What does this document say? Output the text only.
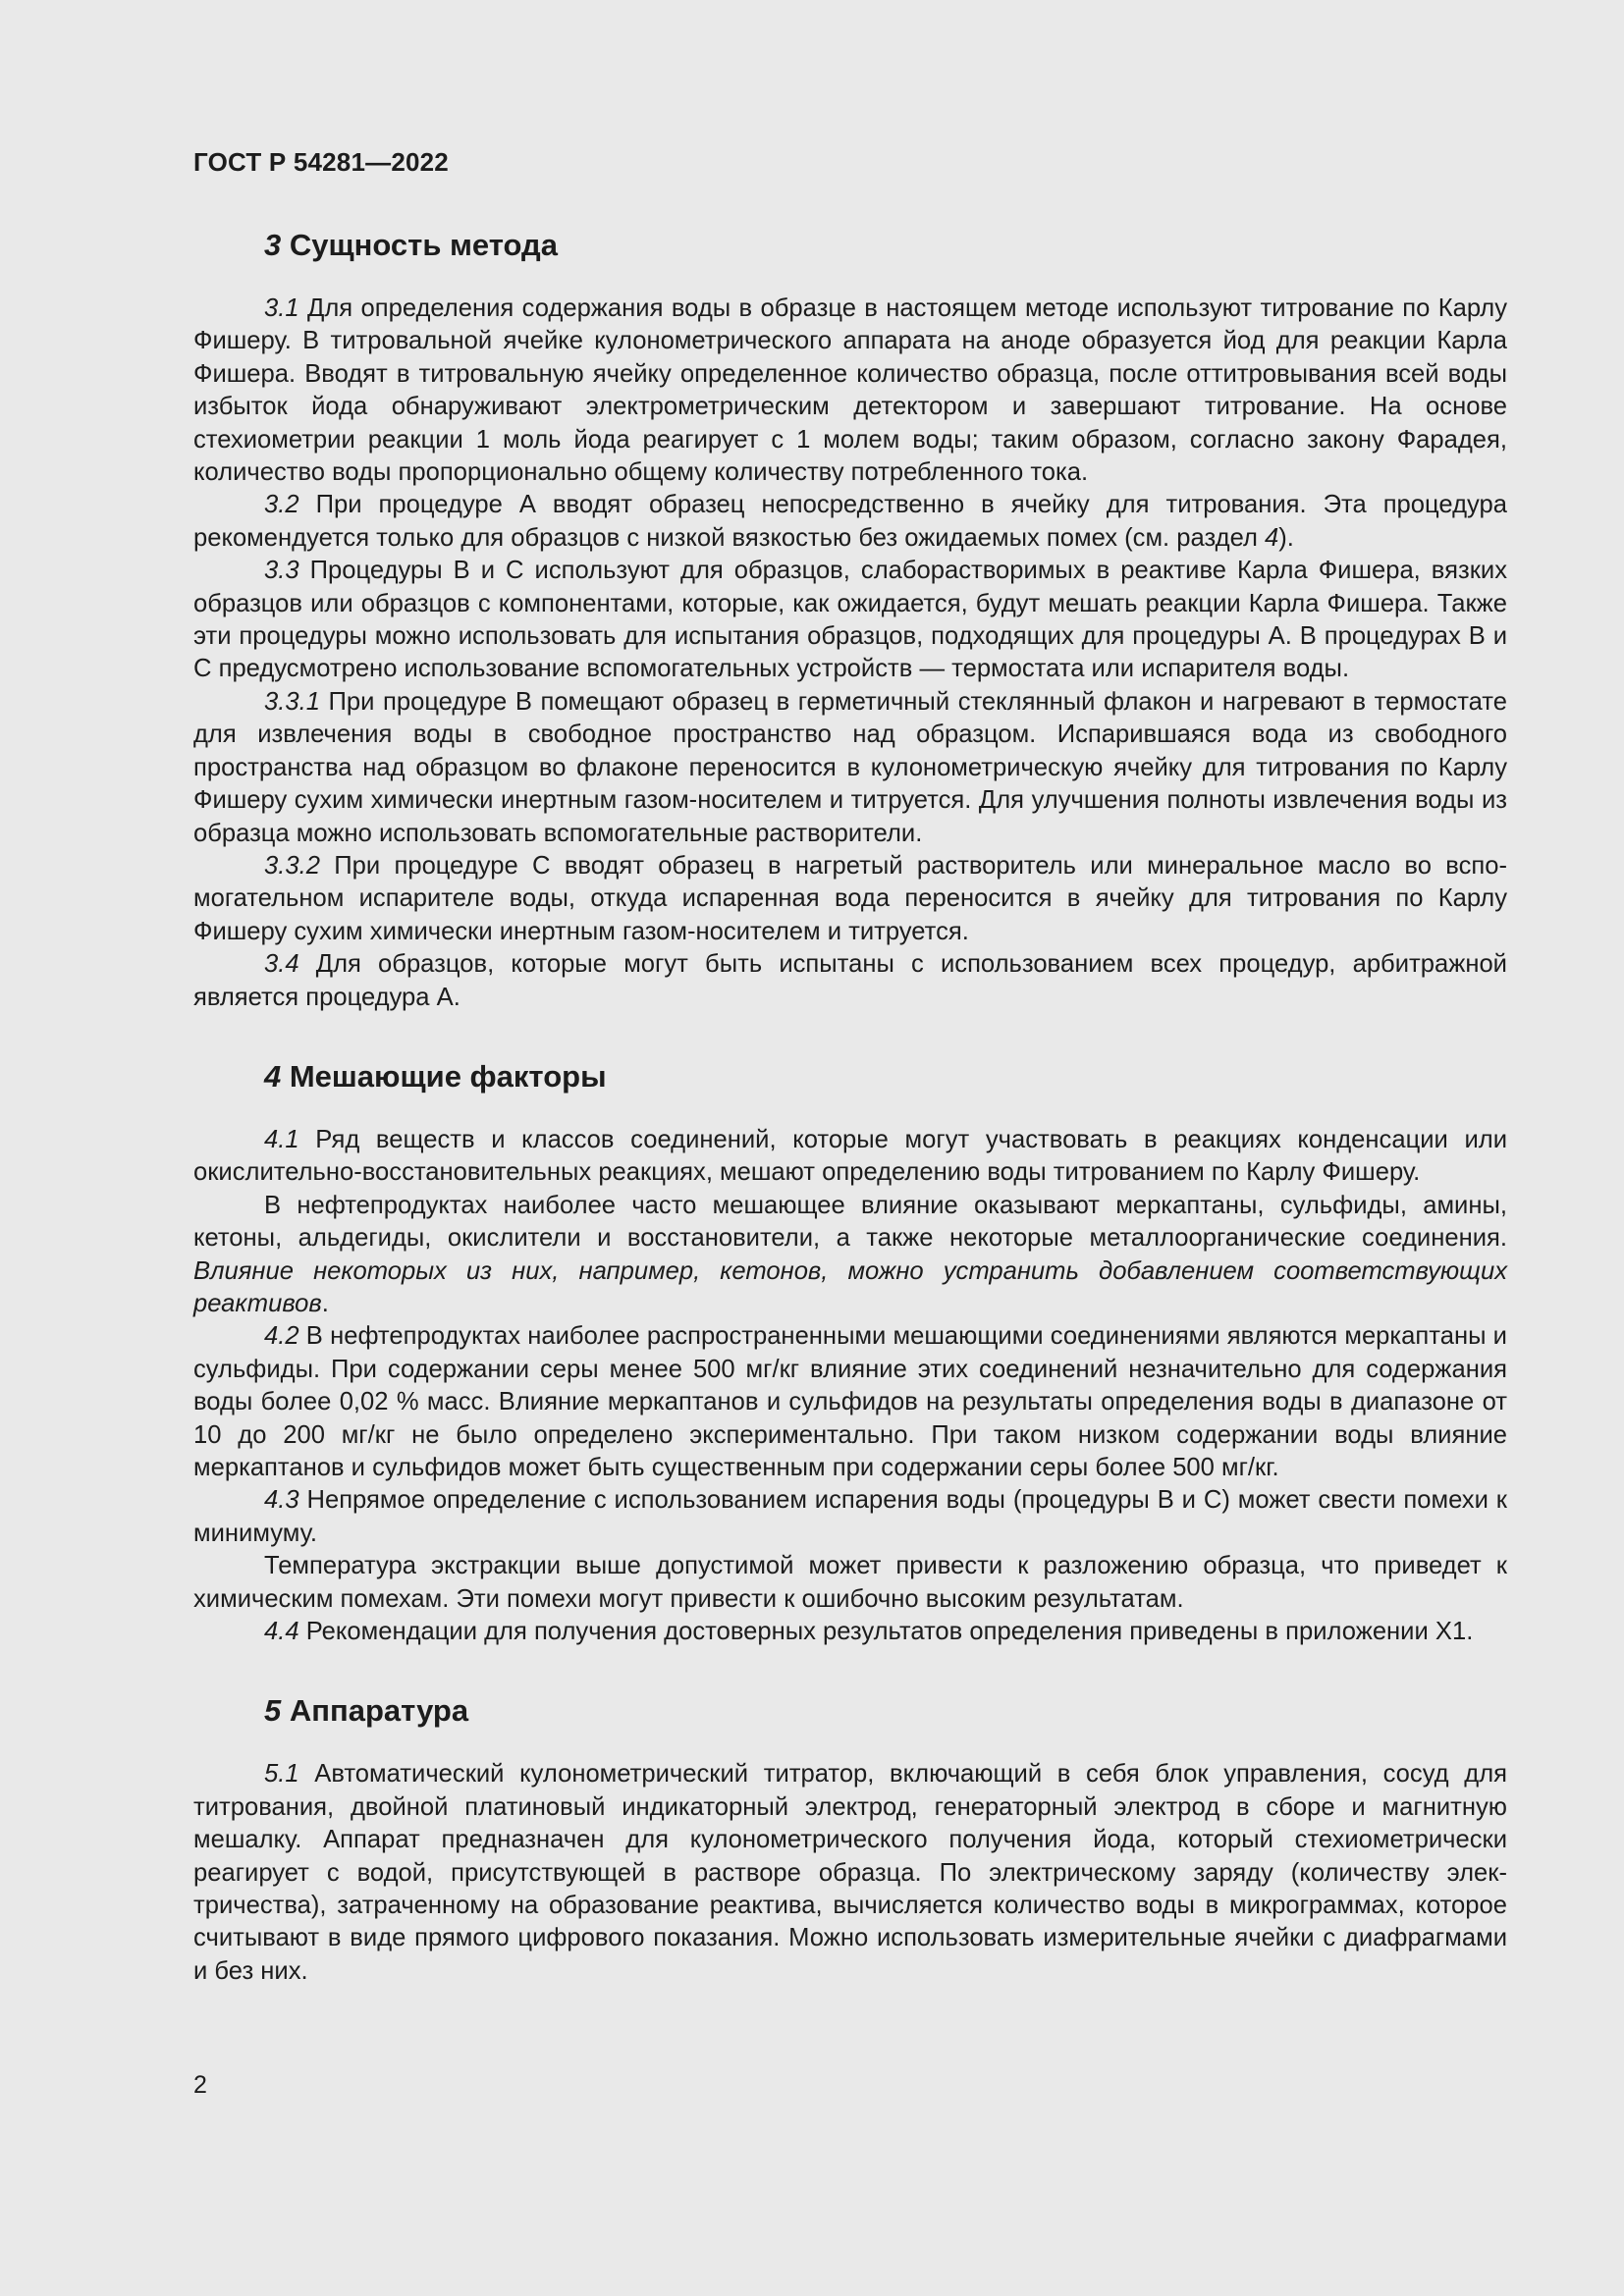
ГОСТ Р 54281—2022
3 Сущность метода

3.1 Для определения содержания воды в образце в настоящем методе используют титрование по Карлу Фишеру. В титровальной ячейке кулонометрического аппарата на аноде образуется йод для реакции Карла Фишера. Вводят в титровальную ячейку определенное количество образца, после оттитровывания всей воды избыток йода обнаруживают электрометрическим детектором и завершают титрование. На основе стехиометрии реакции 1 моль йода реагирует с 1 молем воды; таким образом, согласно закону Фарадея, количество воды пропорционально общему количеству потребленного тока.

3.2 При процедуре А вводят образец непосредственно в ячейку для титрования. Эта процедура рекомендуется только для образцов с низкой вязкостью без ожидаемых помех (см. раздел 4).

3.3 Процедуры В и С используют для образцов, слаборастворимых в реактиве Карла Фишера, вязких образцов или образцов с компонентами, которые, как ожидается, будут мешать реакции Карла Фишера. Также эти процедуры можно использовать для испытания образцов, подходящих для процедуры А. В процедурах В и С предусмотрено использование вспомогательных устройств — термостата или испарителя воды.

3.3.1 При процедуре В помещают образец в герметичный стеклянный флакон и нагревают в термостате для извлечения воды в свободное пространство над образцом. Испарившаяся вода из свободного пространства над образцом во флаконе переносится в кулонометрическую ячейку для титрования по Карлу Фишеру сухим химически инертным газом-носителем и титруется. Для улучшения полноты извлечения воды из образца можно использовать вспомогательные растворители.

3.3.2 При процедуре С вводят образец в нагретый растворитель или минеральное масло во вспомогательном испарителе воды, откуда испаренная вода переносится в ячейку для титрования по Карлу Фишеру сухим химически инертным газом-носителем и титруется.

3.4 Для образцов, которые могут быть испытаны с использованием всех процедур, арбитражной является процедура А.

4 Мешающие факторы

4.1 Ряд веществ и классов соединений, которые могут участвовать в реакциях конденсации или окислительно-восстановительных реакциях, мешают определению воды титрованием по Карлу Фишеру.

В нефтепродуктах наиболее часто мешающее влияние оказывают меркаптаны, сульфиды, амины, кетоны, альдегиды, окислители и восстановители, а также некоторые металлоорганические соединения. Влияние некоторых из них, например, кетонов, можно устранить добавлением соответствующих реактивов.

4.2 В нефтепродуктах наиболее распространенными мешающими соединениями являются меркаптаны и сульфиды. При содержании серы менее 500 мг/кг влияние этих соединений незначительно для содержания воды более 0,02 % масс. Влияние меркаптанов и сульфидов на результаты определения воды в диапазоне от 10 до 200 мг/кг не было определено экспериментально. При таком низком содержании воды влияние меркаптанов и сульфидов может быть существенным при содержании серы более 500 мг/кг.

4.3 Непрямое определение с использованием испарения воды (процедуры В и С) может свести помехи к минимуму.

Температура экстракции выше допустимой может привести к разложению образца, что приведет к химическим помехам. Эти помехи могут привести к ошибочно высоким результатам.

4.4 Рекомендации для получения достоверных результатов определения приведены в приложении Х1.

5 Аппаратура

5.1 Автоматический кулонометрический титратор, включающий в себя блок управления, сосуд для титрования, двойной платиновый индикаторный электрод, генераторный электрод в сборе и магнитную мешалку. Аппарат предназначен для кулонометрического получения йода, который стехиометрически реагирует с водой, присутствующей в растворе образца. По электрическому заряду (количеству электричества), затраченному на образование реактива, вычисляется количество воды в микрограммах, которое считывают в виде прямого цифрового показания. Можно использовать измерительные ячейки с диафрагмами и без них.

2
